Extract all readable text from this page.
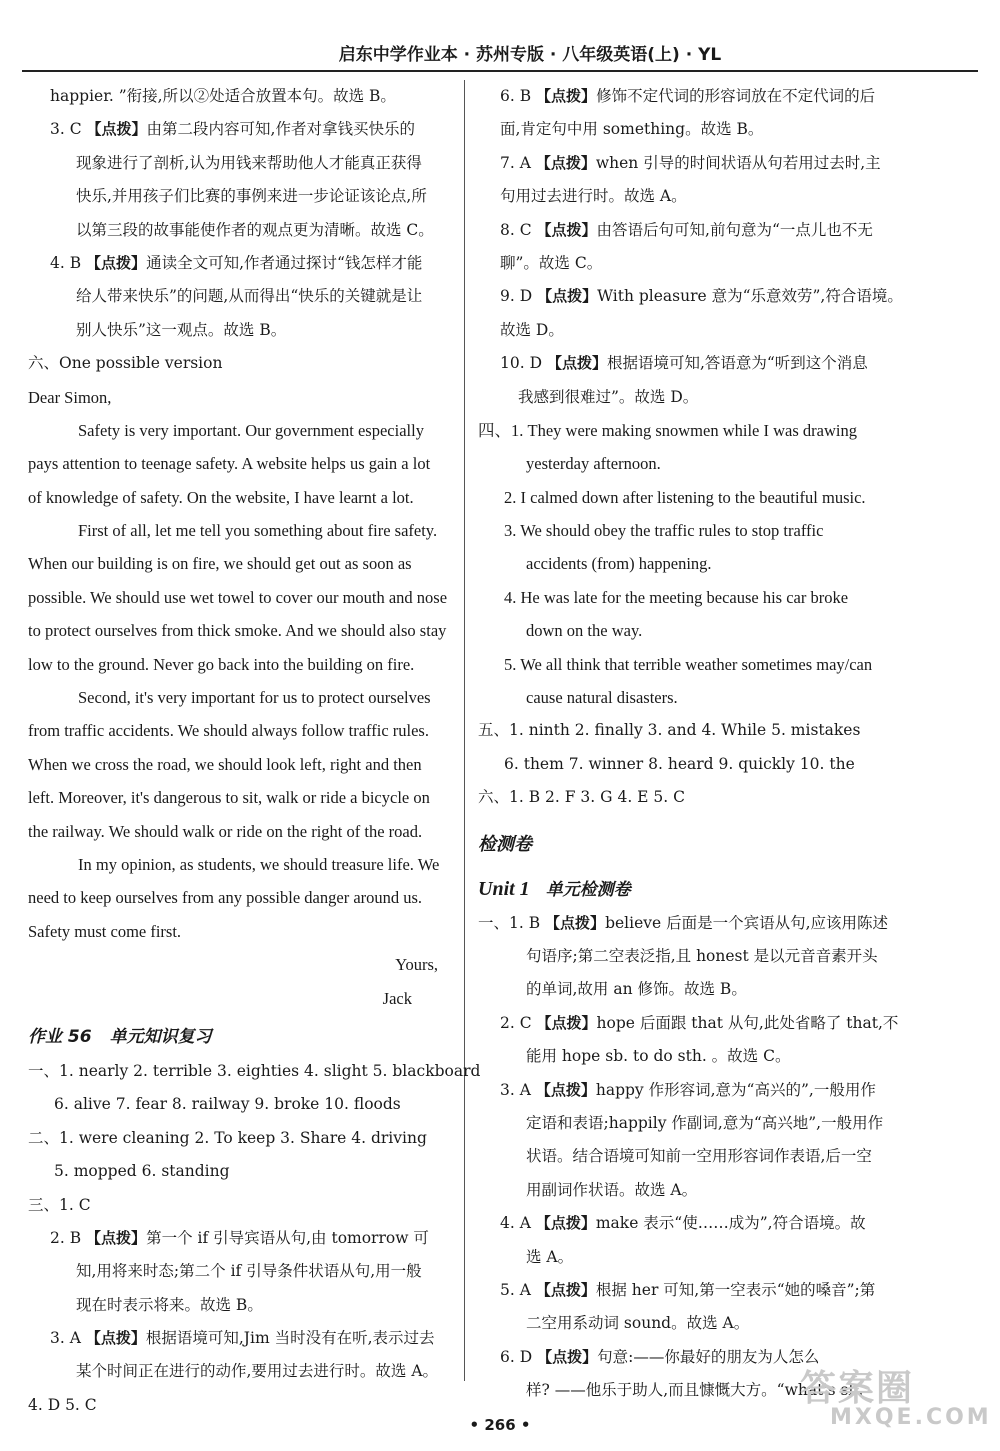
启东中学作业本 · 苏州专版 · 八年级英语(上) · YL
happier. ”衔接,所以②处适合放置本句。故选 B。
3. C 【点拨】由第二段内容可知,作者对拿钱买快乐的
现象进行了剖析,认为用钱来帮助他人才能真正获得
快乐,并用孩子们比赛的事例来进一步论证该论点,所
以第三段的故事能使作者的观点更为清晰。故选 C。
4. B 【点拨】通读全文可知,作者通过探讨“钱怎样才能
给人带来快乐”的问题,从而得出“快乐的关键就是让
别人快乐”这一观点。故选 B。
六、One possible version
Dear Simon,
Safety is very important. Our government especially
pays attention to teenage safety. A website helps us gain a lot
of knowledge of safety. On the website, I have learnt a lot.
First of all, let me tell you something about fire safety.
When our building is on fire, we should get out as soon as
possible. We should use wet towel to cover our mouth and nose
to protect ourselves from thick smoke. And we should also stay
low to the ground. Never go back into the building on fire.
Second, it's very important for us to protect ourselves
from traffic accidents. We should always follow traffic rules.
When we cross the road, we should look left, right and then
left. Moreover, it's dangerous to sit, walk or ride a bicycle on
the railway. We should walk or ride on the right of the road.
In my opinion, as students, we should treasure life. We
need to keep ourselves from any possible danger around us.
Safety must come first.
Yours,
Jack
作业 56 单元知识复习
一、1. nearly 2. terrible 3. eighties 4. slight 5. blackboard
6. alive 7. fear 8. railway 9. broke 10. floods
二、1. were cleaning 2. To keep 3. Share 4. driving
5. mopped 6. standing
三、1. C
2. B 【点拨】第一个 if 引导宾语从句,由 tomorrow 可
知,用将来时态;第二个 if 引导条件状语从句,用一般
现在时表示将来。故选 B。
3. A 【点拨】根据语境可知,Jim 当时没有在听,表示过去
某个时间正在进行的动作,要用过去进行时。故选 A。
4. D 5. C
6. B 【点拨】修饰不定代词的形容词放在不定代词的后
面,肯定句中用 something。故选 B。
7. A 【点拨】when 引导的时间状语从句若用过去时,主
句用过去进行时。故选 A。
8. C 【点拨】由答语后句可知,前句意为“一点儿也不无
聊”。故选 C。
9. D 【点拨】With pleasure 意为“乐意效劳”,符合语境。
故选 D。
10. D 【点拨】根据语境可知,答语意为“听到这个消息
我感到很难过”。故选 D。
四、1. They were making snowmen while I was drawing
yesterday afternoon.
2. I calmed down after listening to the beautiful music.
3. We should obey the traffic rules to stop traffic
accidents (from) happening.
4. He was late for the meeting because his car broke
down on the way.
5. We all think that terrible weather sometimes may/can
cause natural disasters.
五、1. ninth 2. finally 3. and 4. While 5. mistakes
6. them 7. winner 8. heard 9. quickly 10. the
六、1. B 2. F 3. G 4. E 5. C
检测卷
Unit 1 单元检测卷
一、1. B 【点拨】believe 后面是一个宾语从句,应该用陈述
句语序;第二空表泛指,且 honest 是以元音音素开头
的单词,故用 an 修饰。故选 B。
2. C 【点拨】hope 后面跟 that 从句,此处省略了 that,不
能用 hope sb. to do sth. 。故选 C。
3. A 【点拨】happy 作形容词,意为“高兴的”,一般用作
定语和表语;happily 作副词,意为“高兴地”,一般用作
状语。结合语境可知前一空用形容词作表语,后一空
用副词作状语。故选 A。
4. A 【点拨】make 表示“使……成为”,符合语境。故
选 A。
5. A 【点拨】根据 her 可知,第一空表示“她的嗓音”;第
二空用系动词 sound。故选 A。
6. D 【点拨】句意:——你最好的朋友为人怎么
样? ——他乐于助人,而且慷慨大方。“what's sb.
• 266 •
答案圈
MXQE.COM
